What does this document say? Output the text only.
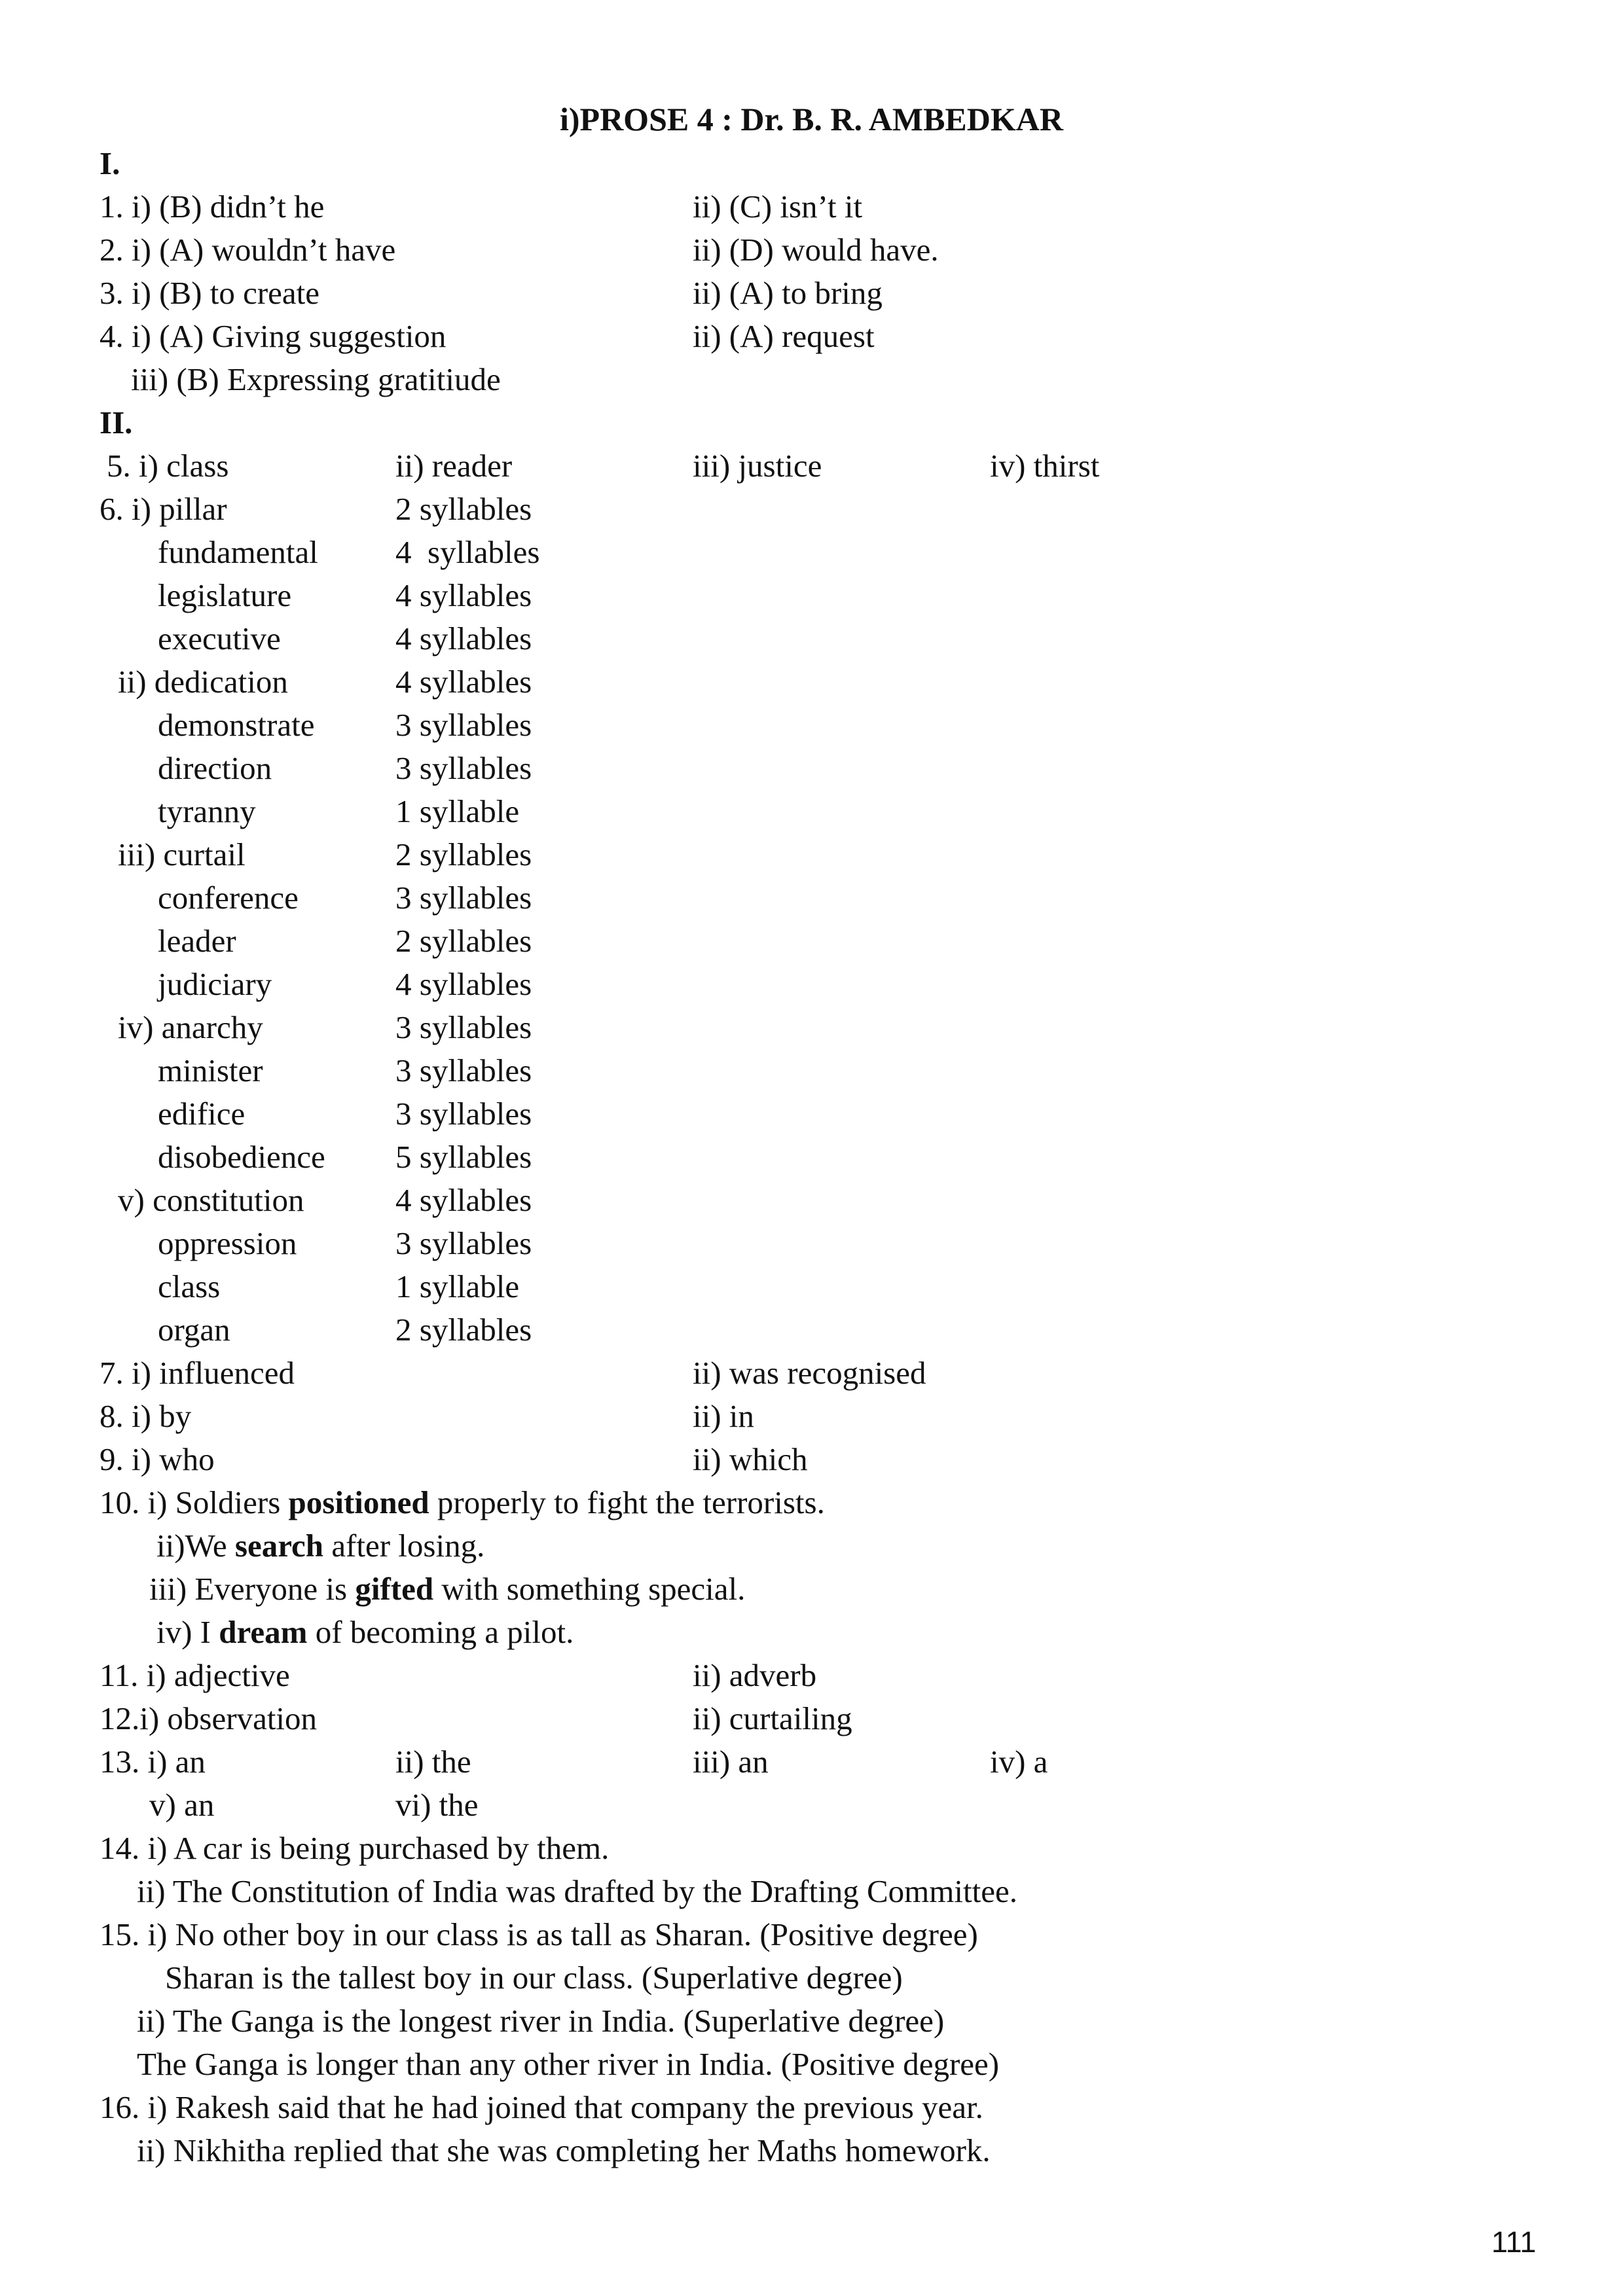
i)PROSE 4 : Dr. B. R. AMBEDKAR
I.
1. i) (B) didn’t he	ii) (C) isn’t it
2. i) (A) wouldn’t have	ii) (D) would have.
3. i) (B) to create	ii) (A) to bring
4. i) (A) Giving suggestion	ii) (A) request
iii) (B) Expressing gratitiude
II.
5. i) class	ii) reader	iii) justice	iv) thirst
6. i) pillar	2 syllables
fundamental 4  syllables
legislature	4 syllables
executive	4 syllables
ii) dedication	4 syllables
demonstrate	3 syllables
direction	3 syllables
tyranny	1 syllable
iii) curtail	2 syllables
conference	3 syllables
leader	2 syllables
judiciary	4 syllables
iv) anarchy	3 syllables
minister	3 syllables
edifice	3 syllables
disobedience 5 syllables
v) constitution	4 syllables
oppression	3 syllables
class	1 syllable
organ	2 syllables
7. i) influenced	ii) was recognised
8. i) by	ii) in
9. i) who	ii) which
10. i) Soldiers positioned properly to fight the terrorists.
ii)We search after losing.
iii) Everyone is gifted with something special.
iv) I dream of becoming a pilot.
11. i) adjective	ii) adverb
12.i) observation	ii) curtailing
13. i) an	ii) the	iii) an	iv) a
v) an	vi) the
14. i) A car is being purchased by them.
ii) The Constitution of India was drafted by the Drafting Committee.
15. i) No other boy in our class is as tall as Sharan. (Positive degree)
Sharan is the tallest boy in our class. (Superlative degree)
ii) The Ganga is the longest river in India. (Superlative degree)
The Ganga is longer than any other river in India. (Positive degree)
16. i) Rakesh said that he had joined that company the previous year.
ii) Nikhitha replied that she was completing her Maths homework.
111
